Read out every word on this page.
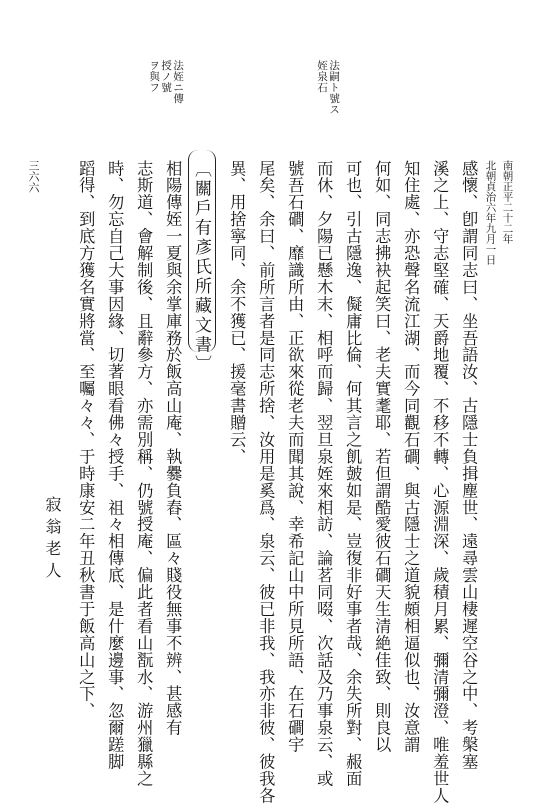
南朝正平二十二年
北朝貞治六年九月一日
法嗣ト號ス
姪泉石
法姪ニ傳
授ノ號
ヲ與フ
感懷、卽謂同志曰、坐吾語汝、古隱士負揖塵世、遠尋雲山棲遲空谷之中、考槃塞
溪之上、守志堅確、天爵地覆、不移不轉、心源淵深、歲積月累、彌清彌澄、唯羞世人
知住處、亦恐聲名流江湖、而今同觀石磵、與古隱士之道貌頗相逼似也、汝意謂
何如、同志拂袂起笑曰、老夫實耄耶、若但謂酷愛彼石磵天生清絶佳致、則良以
可也、引古隱逸、儗庸比倫、何其言之飢皷如是、豈復非好事者哉、余失所對、赧面
而休、夕陽已懸木末、相呼而歸、翌旦泉姪來相訪、論茗同啜、次話及乃事泉云、或
號吾石磵、靡識所由、正欲來從老夫而聞其說、幸希記山中所見所語、在石磵宇
尾矣、余曰、前所言者是同志所捨、汝用是奚爲、泉云、彼已非我、我亦非彼、彼我各
異、用捨寧同、余不獲已、援毫書贈云、
〔關戶有彥氏所藏文書〕
相陽傳姪一夏與余掌庫務於飯高山庵、執爨負舂、區々賤役無事不辨、甚感有
志斯道、會解制後、且辭參方、亦需別稱、仍號授庵、偏此者看山翫水、游州獵縣之
時、勿忘自己大事因緣、切著眼看佛々授手、祖々相傳底、是什麼邊事、忽爾蹉脚
蹈得、到底方獲名實將當、至囑々々、于時康安二年丑秋書于飯高山之下、
三六六
寂翁老人
